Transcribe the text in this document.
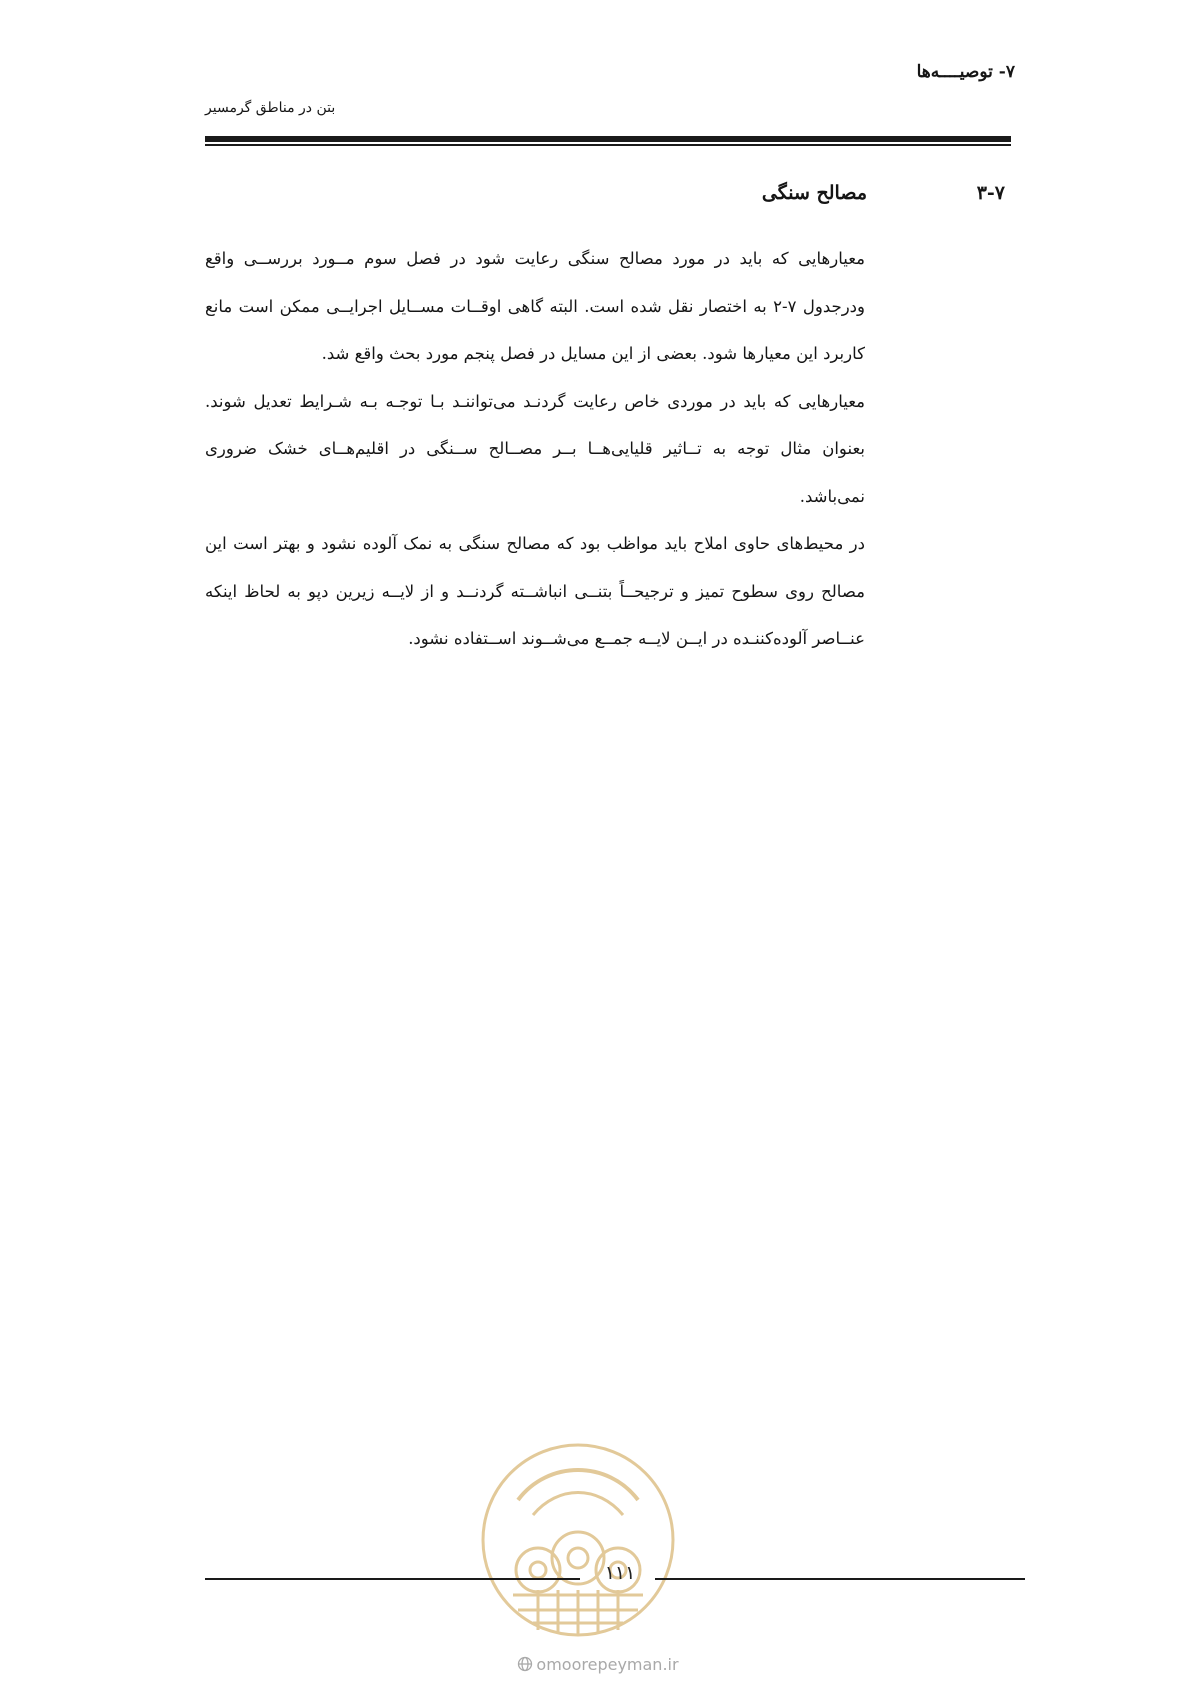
۷- توصیــــه‌ها
بتن در مناطق گرمسیر
۳-۷
مصالح سنگی

معیارهایی که باید در مورد مصالح سنگی رعایت شود در فصل سوم مــورد بررســی واقع ودرجدول ۷-۲ به اختصار نقل شده است. البته گاهی اوقــات مســایل اجرایــی ممکن است مانع کاربرد این معیارها شود. بعضی از این مسایل در فصل پنجم مورد بحث واقع شد.

معیارهایی که باید در موردی خاص رعایت گردنـد می‌تواننـد بـا توجـه بـه شـرایط تعدیل شوند. بعنوان مثال توجه به تــاثیر قلیایی‌هــا بــر مصــالح ســنگی در اقلیم‌هــای خشک ضروری نمی‌باشد.

در محیط‌های حاوی املاح باید مواظب بود که مصالح سنگی به نمک آلوده نشود و بهتر است این مصالح روی سطوح تمیز و ترجیحــاً بتنــی انباشــته گردنــد و از لایــه زیرین دپو به لحاظ اینکه عنــاصر آلوده‌کننـده در ایــن لایــه جمــع می‌شــوند اســتفاده نشود.

۱۱۱
omoorepeyman.ir
